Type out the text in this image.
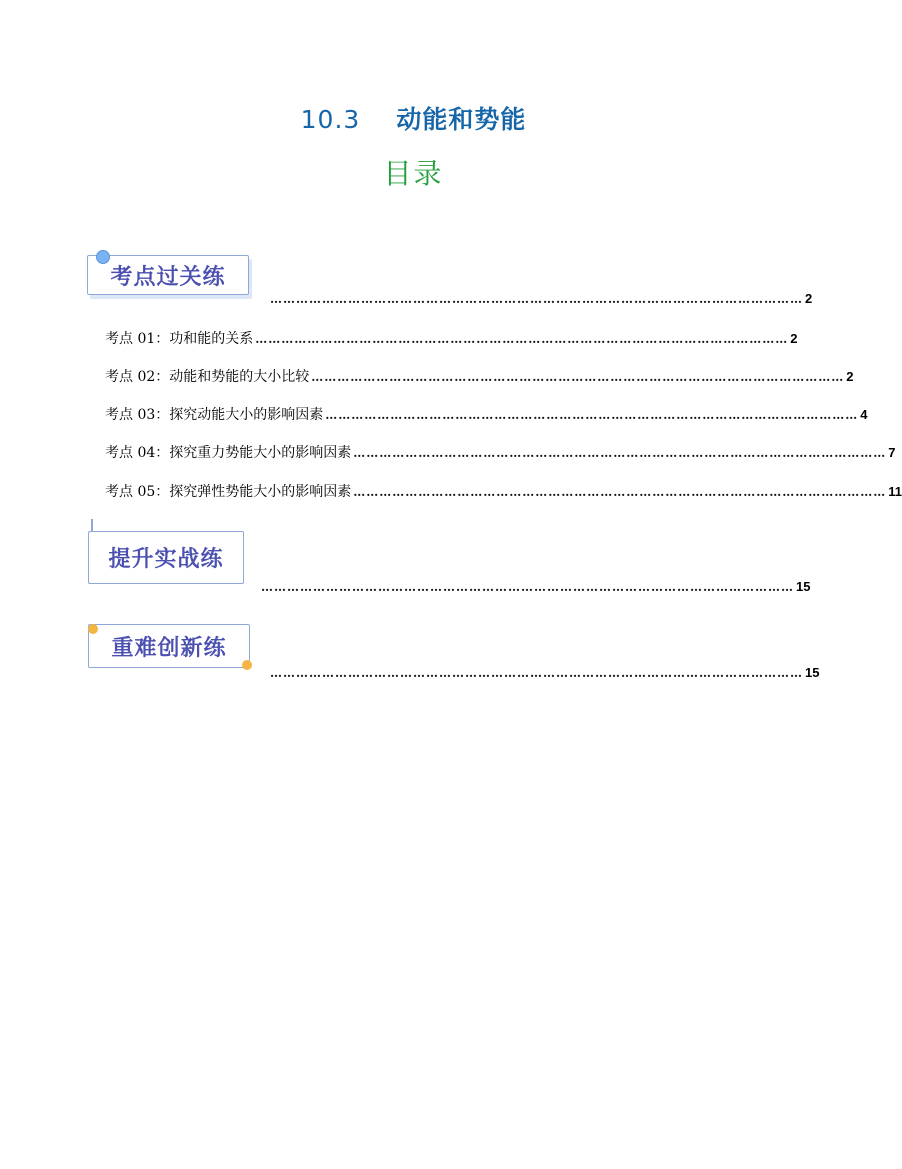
10.3 动能和势能
目录
考点过关练
…………………………………………………………………………………………………………… 2
考点 01：功和能的关系 …………………………………………………………………………………………………………… 2
考点 02：动能和势能的大小比较 …………………………………………………………………………………………………………… 2
考点 03：探究动能大小的影响因素 …………………………………………………………………………………………………………… 4
考点 04：探究重力势能大小的影响因素 …………………………………………………………………………………………………………… 7
考点 05：探究弹性势能大小的影响因素 …………………………………………………………………………………………………………… 11
提升实战练
…………………………………………………………………………………………………………… 15
重难创新练
…………………………………………………………………………………………………………… 15
